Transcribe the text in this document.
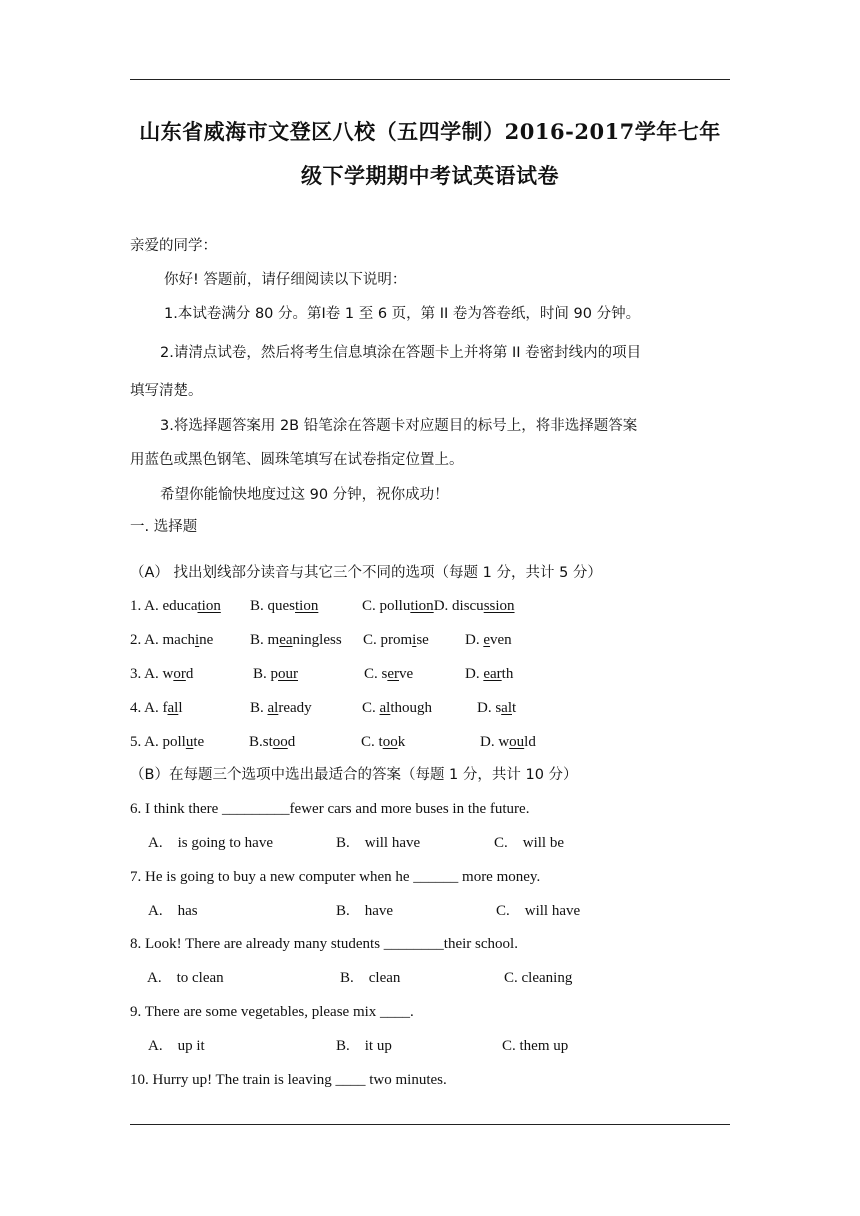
山东省威海市文登区八校（五四学制）2016-2017学年七年
级下学期期中考试英语试卷
亲爱的同学：
你好! 答题前，请仔细阅读以下说明：
1.本试卷满分 80 分。第Ⅰ卷 1 至 6 页，第 II 卷为答卷纸，时间 90 分钟。
2.请清点试卷，然后将考生信息填涂在答题卡上并将第 II 卷密封线内的项目
填写清楚。
3.将选择题答案用 2B 铅笔涂在答题卡对应题目的标号上，将非选择题答案
用蓝色或黑色钢笔、圆珠笔填写在试卷指定位置上。
希望你能愉快地度过这 90 分钟，祝你成功！
一. 选择题
（A） 找出划线部分读音与其它三个不同的选项（每题 1 分，共计 5 分）
1. A. education B. question	C. pollutionD. discussion
2. A. machine B. meaningless C. promise D. even
3. A. word	B. pour	C. serve	D. earth
4. A. fall	B. already	C. although	D. salt
5. A. pollute	B.stood	C. took	D. would
（B）在每题三个选项中选出最适合的答案（每题 1 分，共计 10 分）
6. I think there _________fewer cars and more buses in the future.
A.    is going to have	B.    will have	C.    will be
7. He is going to buy a new computer when he ______ more money.
A.    has	B.    have	C.    will have
8. Look! There are already many students ________their school.
A.    to clean	B.    clean	C. cleaning
9. There are some vegetables, please mix ____.
A.    up it	B.    it up	C. them up
10. Hurry up! The train is leaving ____ two minutes.
